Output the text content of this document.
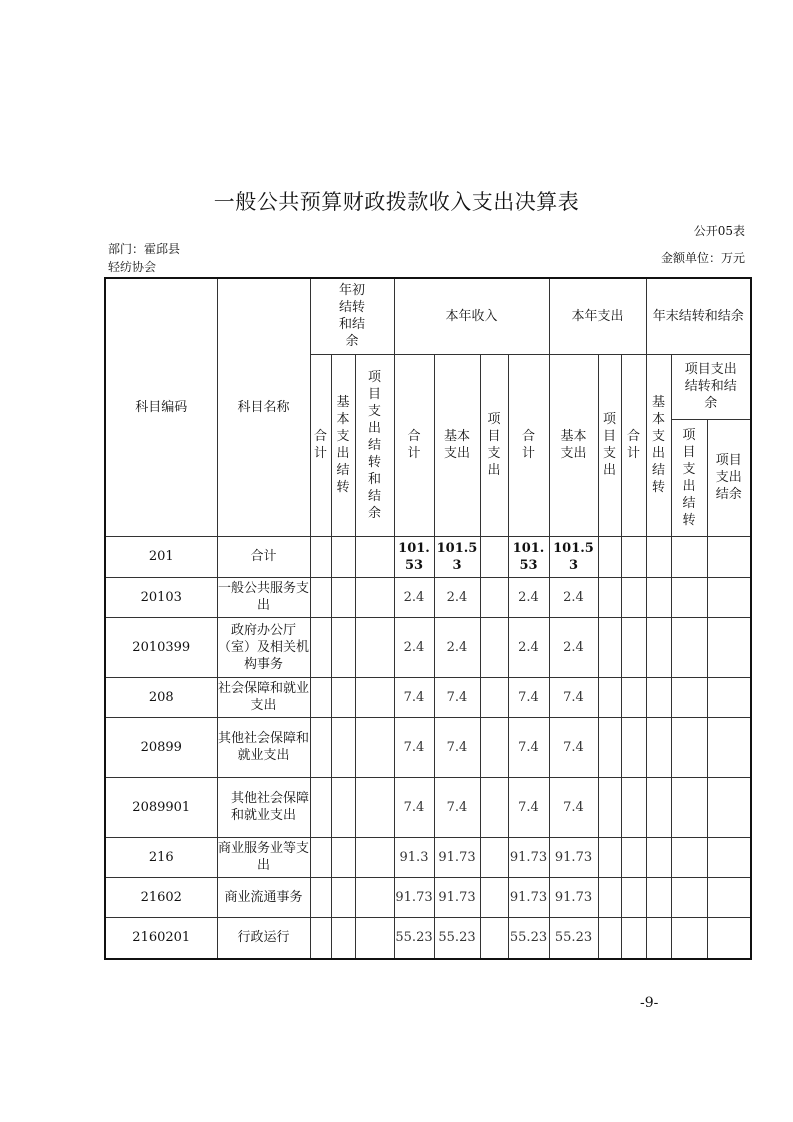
一般公共预算财政拨款收入支出决算表
公开05表
部门：霍邱县
轻纺协会
金额单位：万元
科目编码	科目名称	年初结转和结余			本年收入				本年支出			年末结转和结余		
		合计	基本支出结转	项目支出结转和结余	合计	基本支出	项目支出	合计	基本支出	项目支出	合计	基本支出结转	项目支出结转和结余	
													项目支出结转	项目支出结余
201	合计				101.53	101.53		101.53	101.53					
20103	一般公共服务支出				2.4	2.4		2.4	2.4					
2010399	政府办公厅（室）及相关机构事务				2.4	2.4		2.4	2.4					
208	社会保障和就业支出				7.4	7.4		7.4	7.4					
20899	其他社会保障和就业支出				7.4	7.4		7.4	7.4					
2089901	　其他社会保障和就业支出				7.4	7.4		7.4	7.4					
216	商业服务业等支出				91.3	91.73		91.73	91.73					
21602	商业流通事务				91.73	91.73		91.73	91.73					
2160201	行政运行				55.23	55.23		55.23	55.23					
-9-
